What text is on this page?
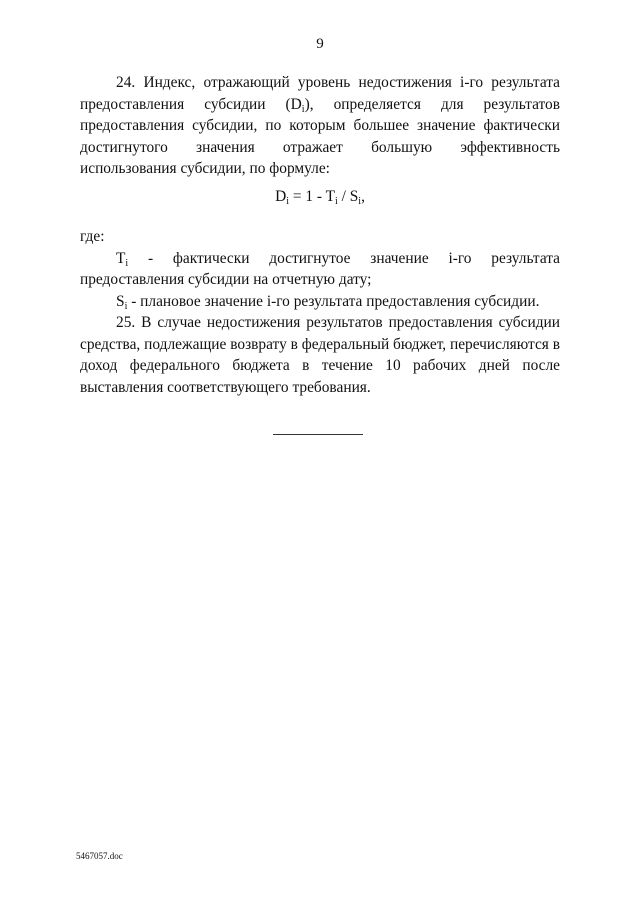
9

24. Индекс, отражающий уровень недостижения i-го результата предоставления субсидии $(D_i)$, определяется для результатов предоставления субсидии, по которым большее значение фактически достигнутого значения отражает большую эффективность использования субсидии, по формуле:

$D_i = 1 - T_i / S_i$,

где:

$T_i$ - фактически достигнутое значение i-го результата предоставления субсидии на отчетную дату;

$S_i$ - плановое значение i-го результата предоставления субсидии.

25. В случае недостижения результатов предоставления субсидии средства, подлежащие возврату в федеральный бюджет, перечисляются в доход федерального бюджета в течение 10 рабочих дней после выставления соответствующего требования.

5467057.doc
